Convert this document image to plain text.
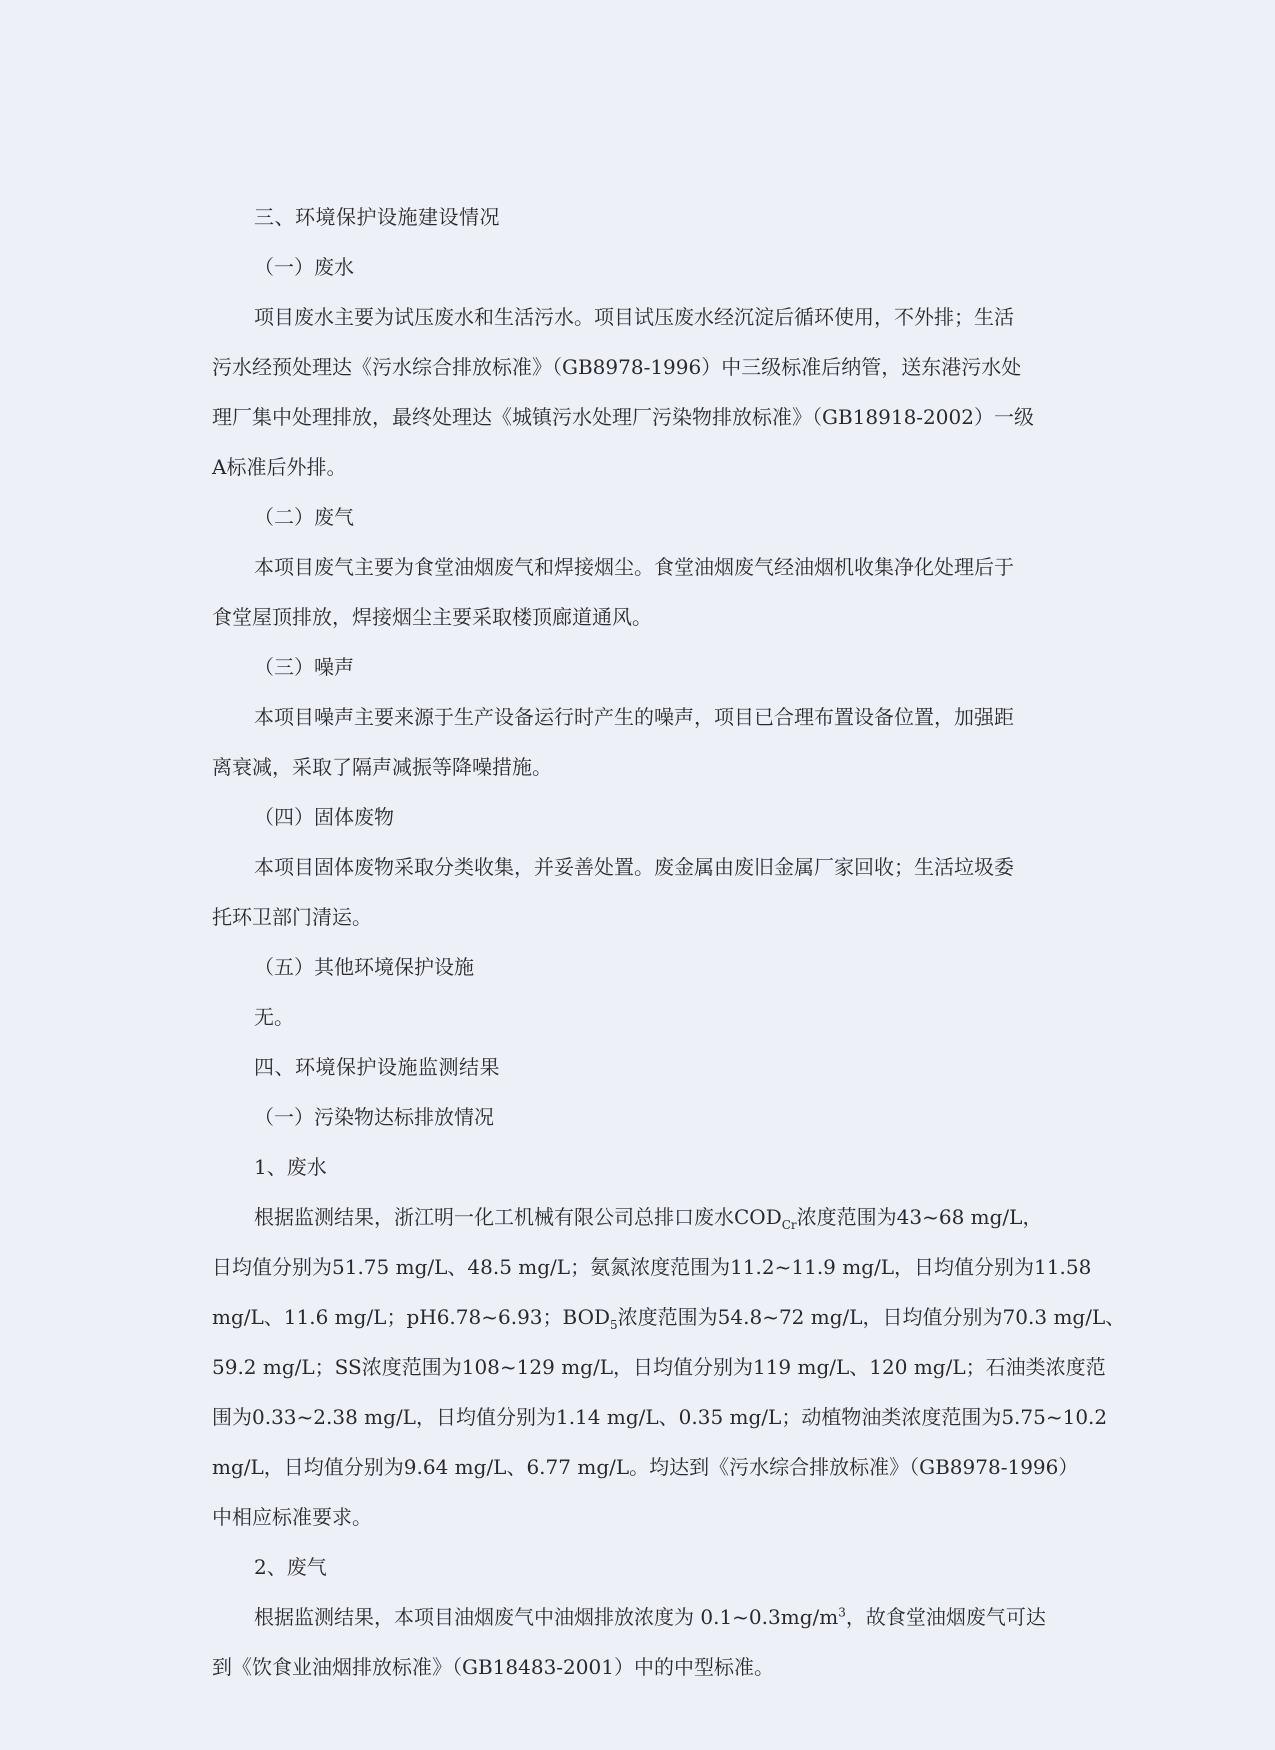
三、环境保护设施建设情况
（一）废水
项目废水主要为试压废水和生活污水。项目试压废水经沉淀后循环使用，不外排；生活
污水经预处理达《污水综合排放标准》（GB8978-1996）中三级标准后纳管，送东港污水处
理厂集中处理排放，最终处理达《城镇污水处理厂污染物排放标准》（GB18918-2002）一级
A标准后外排。
（二）废气
本项目废气主要为食堂油烟废气和焊接烟尘。食堂油烟废气经油烟机收集净化处理后于
食堂屋顶排放，焊接烟尘主要采取楼顶廊道通风。
（三）噪声
本项目噪声主要来源于生产设备运行时产生的噪声，项目已合理布置设备位置，加强距
离衰减，采取了隔声减振等降噪措施。
（四）固体废物
本项目固体废物采取分类收集，并妥善处置。废金属由废旧金属厂家回收；生活垃圾委
托环卫部门清运。
（五）其他环境保护设施
无。
四、环境保护设施监测结果
（一）污染物达标排放情况
1、废水
根据监测结果，浙江明一化工机械有限公司总排口废水$COD_{Cr}$浓度范围为43~68 mg/L，
日均值分别为51.75 mg/L、48.5 mg/L；氨氮浓度范围为11.2~11.9 mg/L，日均值分别为11.58
mg/L、11.6 mg/L；pH6.78~6.93；$BOD_5$浓度范围为54.8~72 mg/L，日均值分别为70.3 mg/L、
59.2 mg/L；SS浓度范围为108~129 mg/L，日均值分别为119 mg/L、120 mg/L；石油类浓度范
围为0.33~2.38 mg/L，日均值分别为1.14 mg/L、0.35 mg/L；动植物油类浓度范围为5.75~10.2
mg/L，日均值分别为9.64 mg/L、6.77 mg/L。均达到《污水综合排放标准》（GB8978-1996）
中相应标准要求。
2、废气
根据监测结果，本项目油烟废气中油烟排放浓度为 $0.1\sim 0.3mg/m^3$，故食堂油烟废气可达
到《饮食业油烟排放标准》（GB18483-2001）中的中型标准。
